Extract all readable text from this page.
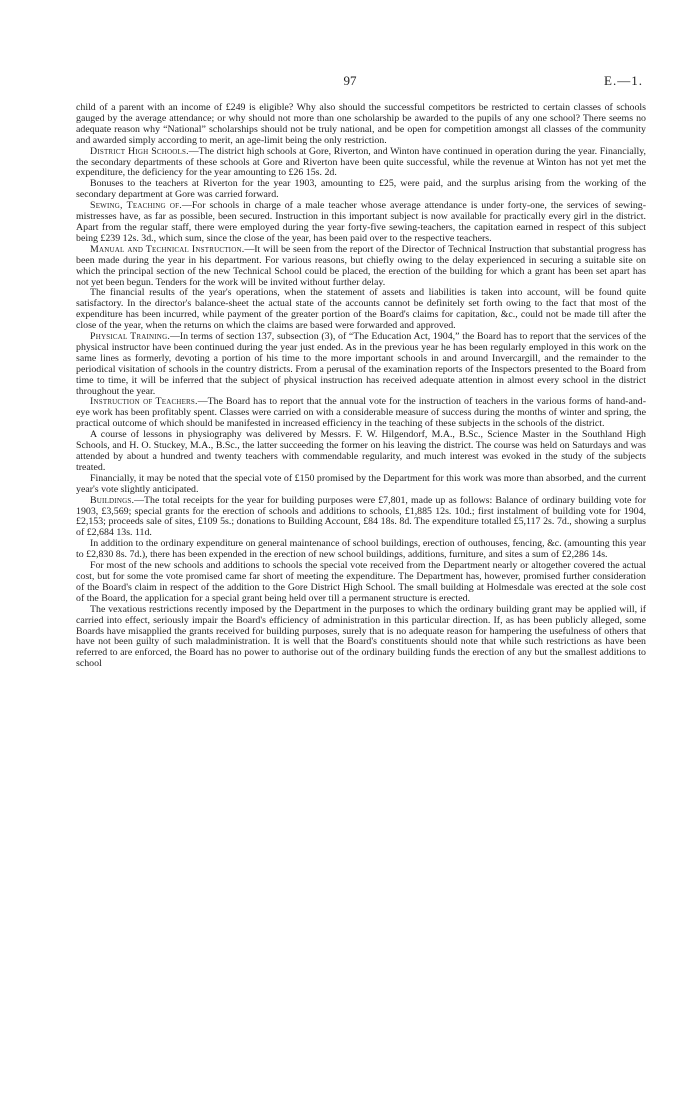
97	E.—1.

child of a parent with an income of £249 is eligible? Why also should the successful competitors be restricted to certain classes of schools gauged by the average attendance; or why should not more than one scholarship be awarded to the pupils of any one school? There seems no adequate reason why “National” scholarships should not be truly national, and be open for competition amongst all classes of the community and awarded simply according to merit, an age-limit being the only restriction.

District High Schools.—The district high schools at Gore, Riverton, and Winton have continued in operation during the year. Financially, the secondary departments of these schools at Gore and Riverton have been quite successful, while the revenue at Winton has not yet met the expenditure, the deficiency for the year amounting to £26 15s. 2d.

Bonuses to the teachers at Riverton for the year 1903, amounting to £25, were paid, and the surplus arising from the working of the secondary department at Gore was carried forward.

Sewing, Teaching of.—For schools in charge of a male teacher whose average attendance is under forty-one, the services of sewing-mistresses have, as far as possible, been secured. Instruction in this important subject is now available for practically every girl in the district. Apart from the regular staff, there were employed during the year forty-five sewing-teachers, the capitation earned in respect of this subject being £239 12s. 3d., which sum, since the close of the year, has been paid over to the respective teachers.

Manual and Technical Instruction.—It will be seen from the report of the Director of Technical Instruction that substantial progress has been made during the year in his department. For various reasons, but chiefly owing to the delay experienced in securing a suitable site on which the principal section of the new Technical School could be placed, the erection of the building for which a grant has been set apart has not yet been begun. Tenders for the work will be invited without further delay.

The financial results of the year's operations, when the statement of assets and liabilities is taken into account, will be found quite satisfactory. In the director's balance-sheet the actual state of the accounts cannot be definitely set forth owing to the fact that most of the expenditure has been incurred, while payment of the greater portion of the Board's claims for capitation, &c., could not be made till after the close of the year, when the returns on which the claims are based were forwarded and approved.

Physical Training.—In terms of section 137, subsection (3), of “The Education Act, 1904,” the Board has to report that the services of the physical instructor have been continued during the year just ended. As in the previous year he has been regularly employed in this work on the same lines as formerly, devoting a portion of his time to the more important schools in and around Invercargill, and the remainder to the periodical visitation of schools in the country districts. From a perusal of the examination reports of the Inspectors presented to the Board from time to time, it will be inferred that the subject of physical instruction has received adequate attention in almost every school in the district throughout the year.

Instruction of Teachers.—The Board has to report that the annual vote for the instruction of teachers in the various forms of hand-and-eye work has been profitably spent. Classes were carried on with a considerable measure of success during the months of winter and spring, the practical outcome of which should be manifested in increased efficiency in the teaching of these subjects in the schools of the district.

A course of lessons in physiography was delivered by Messrs. F. W. Hilgendorf, M.A., B.Sc., Science Master in the Southland High Schools, and H. O. Stuckey, M.A., B.Sc., the latter succeeding the former on his leaving the district. The course was held on Saturdays and was attended by about a hundred and twenty teachers with commendable regularity, and much interest was evoked in the study of the subjects treated.

Financially, it may be noted that the special vote of £150 promised by the Department for this work was more than absorbed, and the current year's vote slightly anticipated.

Buildings.—The total receipts for the year for building purposes were £7,801, made up as follows: Balance of ordinary building vote for 1903, £3,569; special grants for the erection of schools and additions to schools, £1,885 12s. 10d.; first instalment of building vote for 1904, £2,153; proceeds sale of sites, £109 5s.; donations to Building Account, £84 18s. 8d. The expenditure totalled £5,117 2s. 7d., showing a surplus of £2,684 13s. 11d.

In addition to the ordinary expenditure on general maintenance of school buildings, erection of outhouses, fencing, &c. (amounting this year to £2,830 8s. 7d.), there has been expended in the erection of new school buildings, additions, furniture, and sites a sum of £2,286 14s.

For most of the new schools and additions to schools the special vote received from the Department nearly or altogether covered the actual cost, but for some the vote promised came far short of meeting the expenditure. The Department has, however, promised further consideration of the Board's claim in respect of the addition to the Gore District High School. The small building at Holmesdale was erected at the sole cost of the Board, the application for a special grant being held over till a permanent structure is erected.

The vexatious restrictions recently imposed by the Department in the purposes to which the ordinary building grant may be applied will, if carried into effect, seriously impair the Board's efficiency of administration in this particular direction. If, as has been publicly alleged, some Boards have misapplied the grants received for building purposes, surely that is no adequate reason for hampering the usefulness of others that have not been guilty of such maladministration. It is well that the Board's constituents should note that while such restrictions as have been referred to are enforced, the Board has no power to authorise out of the ordinary building funds the erection of any but the smallest additions to school
